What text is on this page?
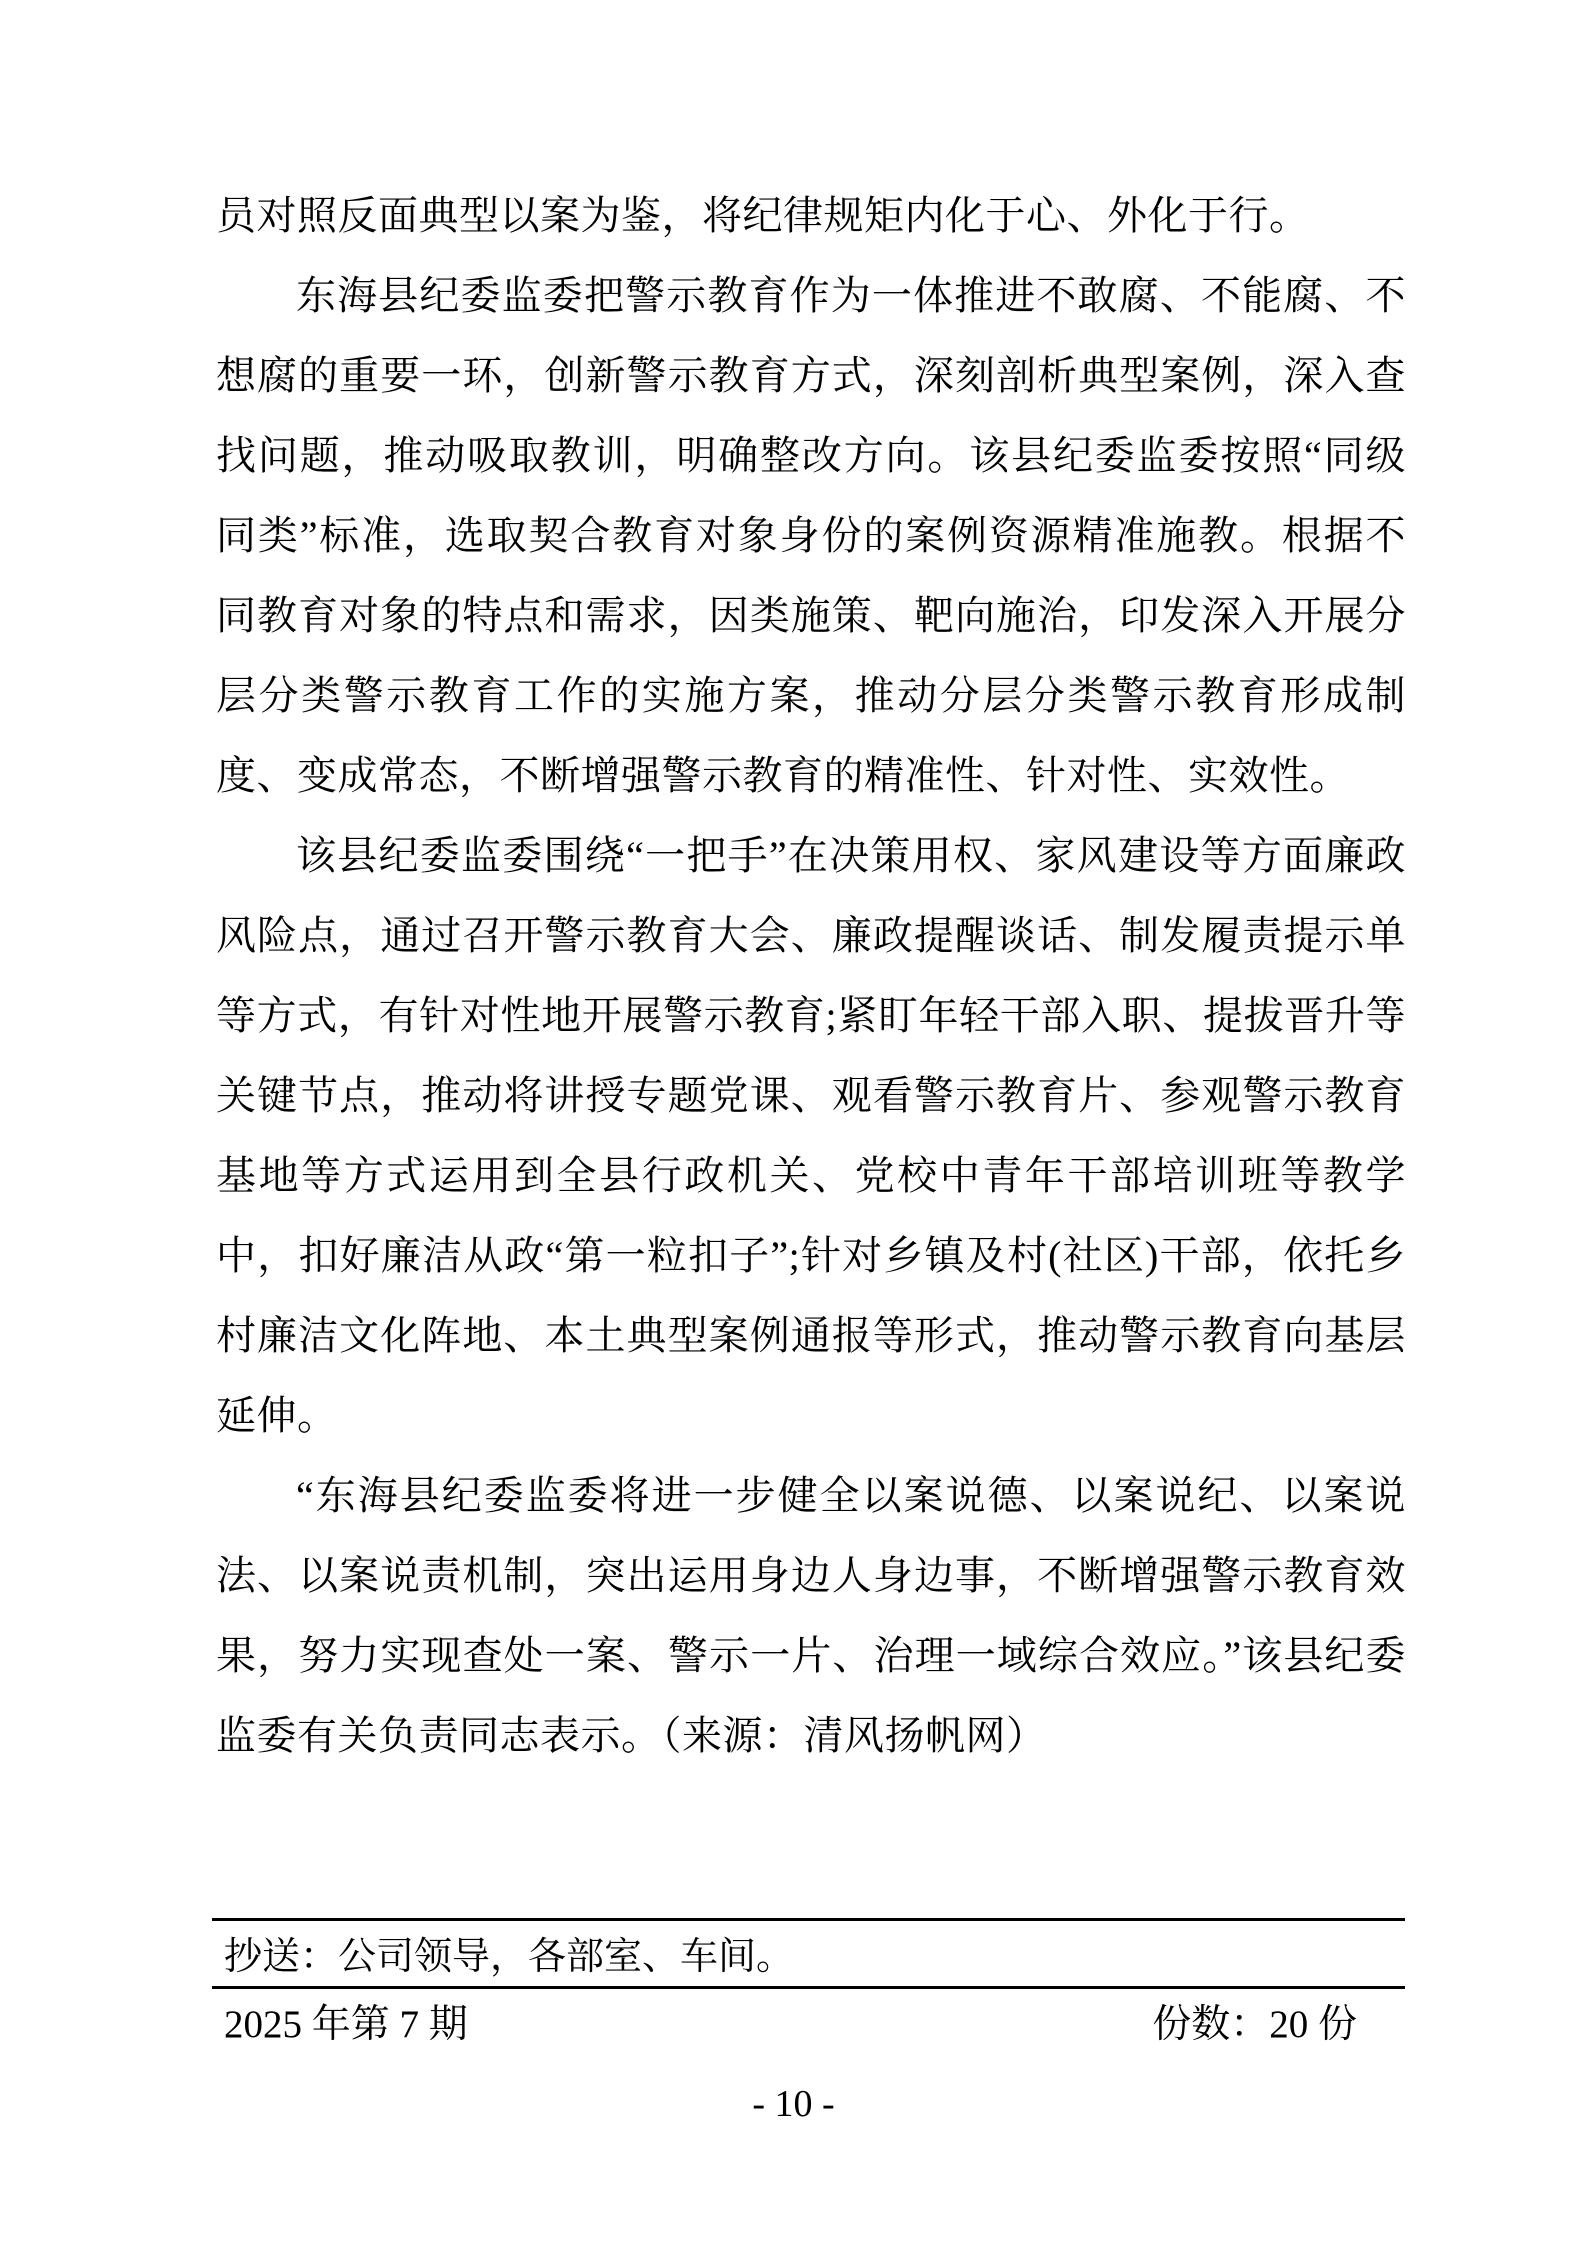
员对照反面典型以案为鉴，将纪律规矩内化于心、外化于行。

东海县纪委监委把警示教育作为一体推进不敢腐、不能腐、不想腐的重要一环，创新警示教育方式，深刻剖析典型案例，深入查找问题，推动吸取教训，明确整改方向。该县纪委监委按照“同级同类”标准，选取契合教育对象身份的案例资源精准施教。根据不同教育对象的特点和需求，因类施策、靶向施治，印发深入开展分层分类警示教育工作的实施方案，推动分层分类警示教育形成制度、变成常态，不断增强警示教育的精准性、针对性、实效性。

该县纪委监委围绕“一把手”在决策用权、家风建设等方面廉政风险点，通过召开警示教育大会、廉政提醒谈话、制发履责提示单等方式，有针对性地开展警示教育;紧盯年轻干部入职、提拔晋升等关键节点，推动将讲授专题党课、观看警示教育片、参观警示教育基地等方式运用到全县行政机关、党校中青年干部培训班等教学中，扣好廉洁从政“第一粒扣子”;针对乡镇及村(社区)干部，依托乡村廉洁文化阵地、本土典型案例通报等形式，推动警示教育向基层延伸。

“东海县纪委监委将进一步健全以案说德、以案说纪、以案说法、以案说责机制，突出运用身边人身边事，不断增强警示教育效果，努力实现查处一案、警示一片、治理一域综合效应。”该县纪委监委有关负责同志表示。（来源：清风扬帆网）

抄送：公司领导，各部室、车间。
2025 年第 7 期	份数：20 份
- 10 -
